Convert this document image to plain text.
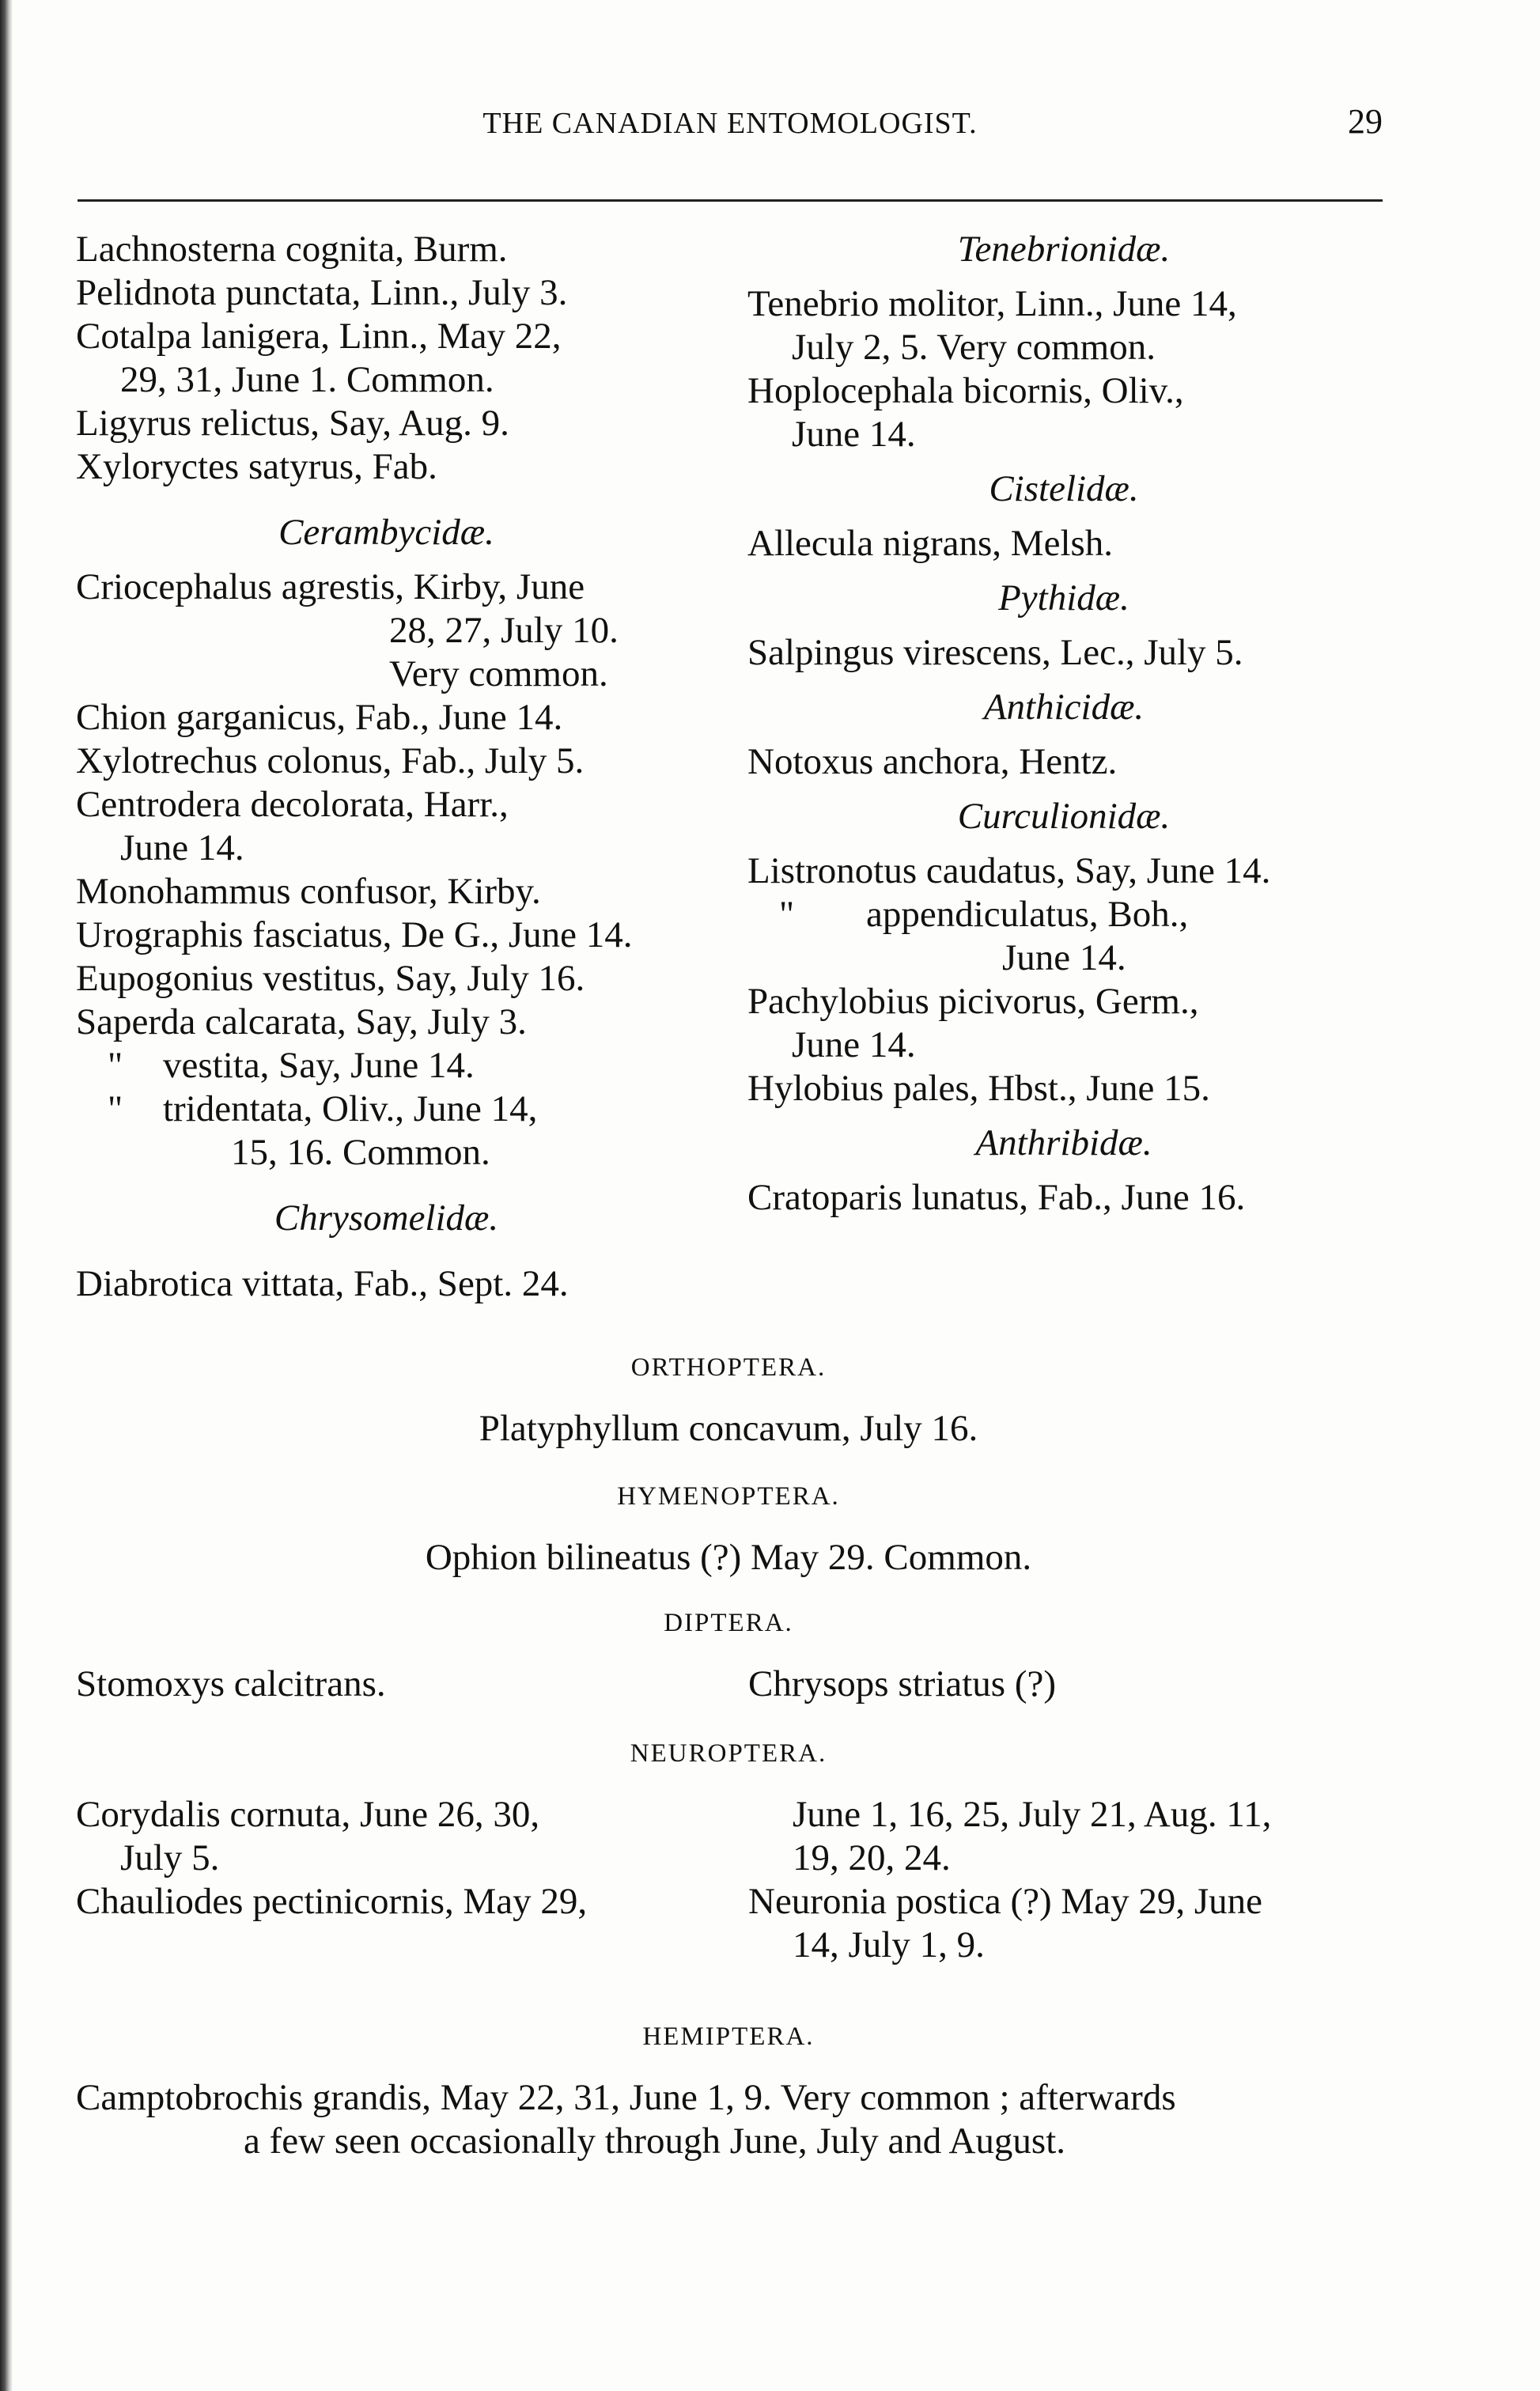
THE CANADIAN ENTOMOLOGIST.	29

Lachnosterna cognita, Burm.

Pelidnota punctata, Linn., July 3.

Cotalpa lanigera, Linn., May 22,

29, 31, June 1. Common.

Ligyrus relictus, Say, Aug. 9.

Xyloryctes satyrus, Fab.

Cerambycidæ.

Criocephalus agrestis, Kirby, June

28, 27, July 10.

Very common.

Chion garganicus, Fab., June 14.

Xylotrechus colonus, Fab., July 5.

Centrodera decolorata, Harr.,

June 14.

Monohammus confusor, Kirby.

Urographis fasciatus, De G., June 14.

Eupogonius vestitus, Say, July 16.

Saperda calcarata, Say, July 3.

" vestita, Say, June 14.

" tridentata, Oliv., June 14,

15, 16. Common.

Chrysomelidæ.

Diabrotica vittata, Fab., Sept. 24.

Tenebrionidæ.

Tenebrio molitor, Linn., June 14,

July 2, 5. Very common.

Hoplocephala bicornis, Oliv.,

June 14.

Cistelidæ.

Allecula nigrans, Melsh.

Pythidæ.

Salpingus virescens, Lec., July 5.

Anthicidæ.

Notoxus anchora, Hentz.

Curculionidæ.

Listronotus caudatus, Say, June 14.

" appendiculatus, Boh.,

June 14.

Pachylobius picivorus, Germ.,

June 14.

Hylobius pales, Hbst., June 15.

Anthribidæ.

Cratoparis lunatus, Fab., June 16.

ORTHOPTERA.
Platyphyllum concavum, July 16.
HYMENOPTERA.
Ophion bilineatus (?) May 29. Common.
DIPTERA.
Stomoxys calcitrans.	Chrysops striatus (?)
NEUROPTERA.

Corydalis cornuta, June 26, 30,

July 5.

Chauliodes pectinicornis, May 29,

June 1, 16, 25, July 21, Aug. 11,

19, 20, 24.

Neuronia postica (?) May 29, June

14, July 1, 9.

HEMIPTERA.

Camptobrochis grandis, May 22, 31, June 1, 9. Very common ; afterwards

a few seen occasionally through June, July and August.
